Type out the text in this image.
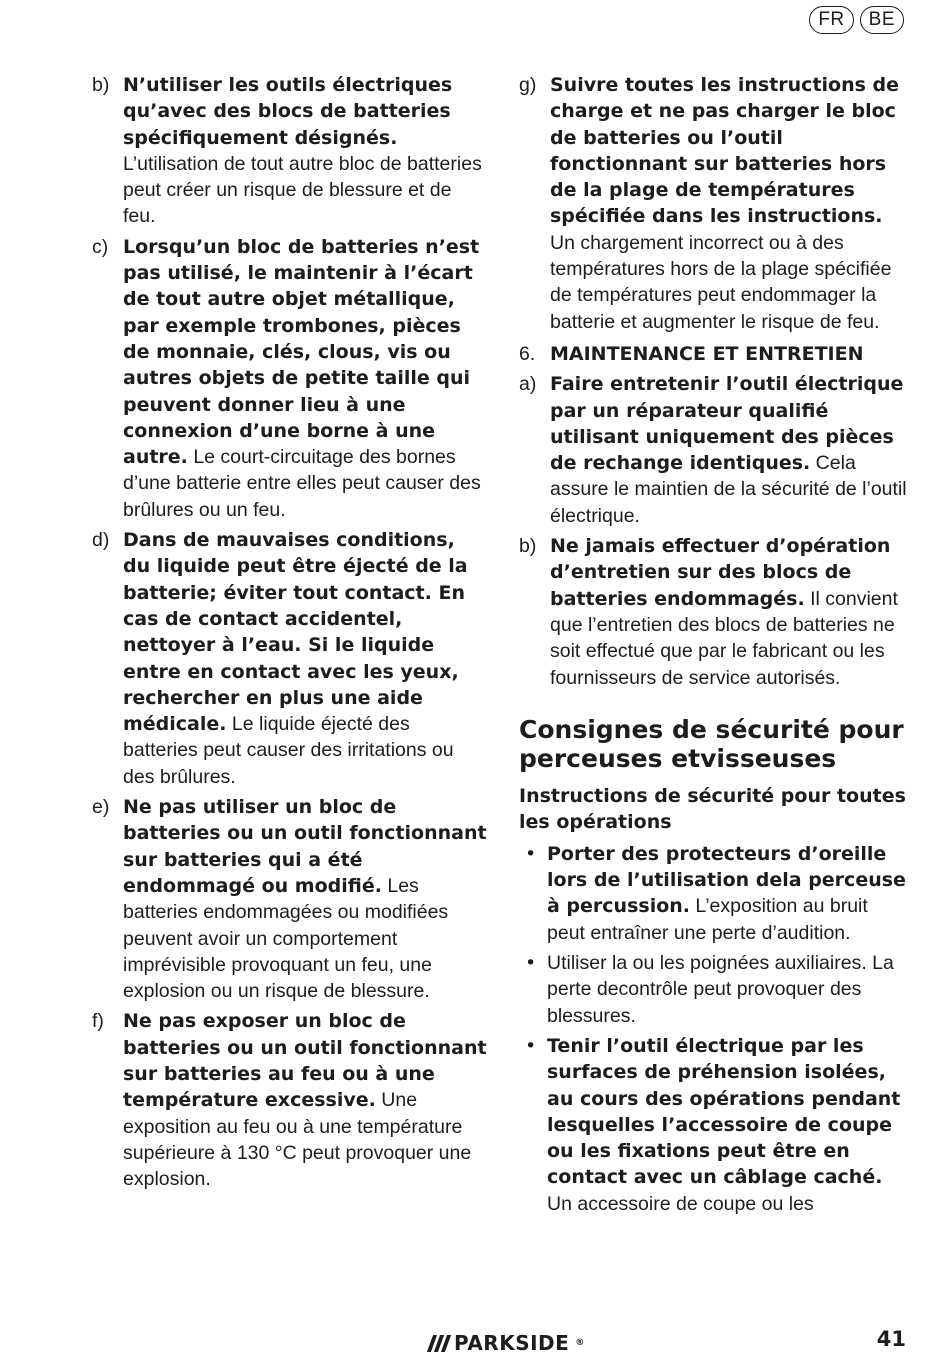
FR	BE
b) N’utiliser les outils électriques qu’avec des blocs de batteries spécifiquement désignés. L’utilisation de tout autre bloc de batteries peut créer un risque de blessure et de feu.
c) Lorsqu’un bloc de batteries n’est pas utilisé, le maintenir à l’écart de tout autre objet métallique, par exemple trombones, pièces de monnaie, clés, clous, vis ou autres objets de petite taille qui peuvent donner lieu à une connexion d’une borne à une autre. Le court-circuitage des bornes d’une batterie entre elles peut causer des brûlures ou un feu.
d) Dans de mauvaises conditions, du liquide peut être éjecté de la batterie; éviter tout contact. En cas de contact accidentel, nettoyer à l’eau. Si le liquide entre en contact avec les yeux, rechercher en plus une aide médicale. Le liquide éjecté des batteries peut causer des irritations ou des brûlures.
e) Ne pas utiliser un bloc de batteries ou un outil fonctionnant sur batteries qui a été endommagé ou modifié. Les batteries endommagées ou modifiées peuvent avoir un comportement imprévisible provoquant un feu, une explosion ou un risque de blessure.
f) Ne pas exposer un bloc de batteries ou un outil fonctionnant sur batteries au feu ou à une température excessive. Une exposition au feu ou à une température supérieure à 130 °C peut provoquer une explosion.
g) Suivre toutes les instructions de charge et ne pas charger le bloc de batteries ou l’outil fonctionnant sur batteries hors de la plage de températures spécifiée dans les instructions. Un chargement incorrect ou à des températures hors de la plage spécifiée de températures peut endommager la batterie et augmenter le risque de feu.
6. MAINTENANCE ET ENTRETIEN
a) Faire entretenir l’outil électrique par un réparateur qualifié utilisant uniquement des pièces de rechange identiques. Cela assure le maintien de la sécurité de l’outil électrique.
b) Ne jamais effectuer d’opération d’entretien sur des blocs de batteries endommagés. Il convient que l’entretien des blocs de batteries ne soit effectué que par le fabricant ou les fournisseurs de service autorisés.
Consignes de sécurité pour perceuses etvisseuses
Instructions de sécurité pour toutes les opérations
• Porter des protecteurs d’oreille lors de l’utilisation dela perceuse à percussion. L’exposition au bruit peut entraîner une perte d’audition.
• Utiliser la ou les poignées auxiliaires. La perte decontrôle peut provoquer des blessures.
• Tenir l’outil électrique par les surfaces de préhension isolées, au cours des opérations pendant lesquelles l’accessoire de coupe ou les fixations peut être en contact avec un câblage caché. Un accessoire de coupe ou les
PARKSIDE ®	41
